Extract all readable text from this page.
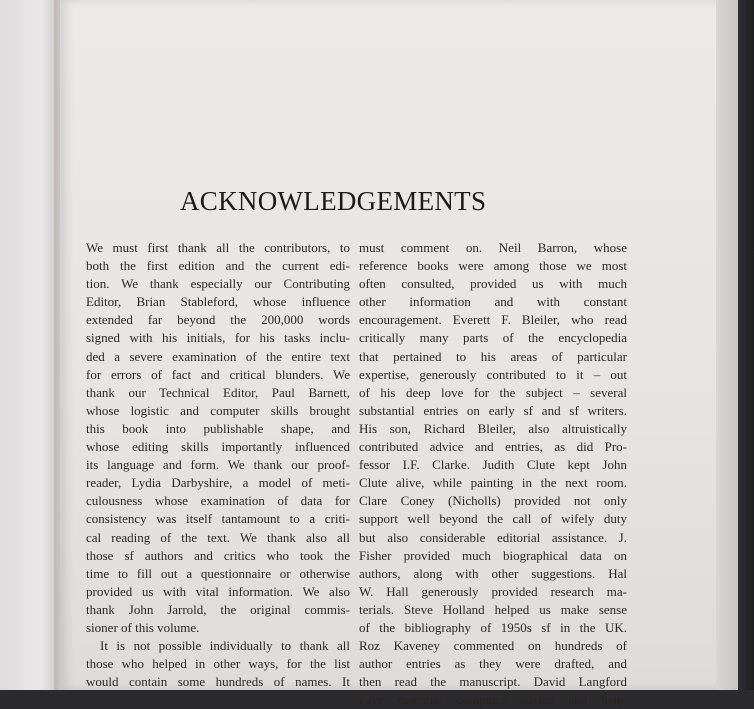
ACKNOWLEDGEMENTS
We must first thank all the contributors, to
both the first edition and the current edi-
tion. We thank especially our Contributing
Editor, Brian Stableford, whose influence
extended far beyond the 200,000 words
signed with his initials, for his tasks inclu-
ded a severe examination of the entire text
for errors of fact and critical blunders. We
thank our Technical Editor, Paul Barnett,
whose logistic and computer skills brought
this book into publishable shape, and
whose editing skills importantly influenced
its language and form. We thank our proof-
reader, Lydia Darbyshire, a model of meti-
culousness whose examination of data for
consistency was itself tantamount to a criti-
cal reading of the text. We thank also all
those sf authors and critics who took the
time to fill out a questionnaire or otherwise
provided us with vital information. We also
thank John Jarrold, the original commis-
sioner of this volume.
It is not possible individually to thank all
those who helped in other ways, for the list
would contain some hundreds of names. It
must comment on. Neil Barron, whose
reference books were among those we most
often consulted, provided us with much
other information and with constant
encouragement. Everett F. Bleiler, who read
critically many parts of the encyclopedia
that pertained to his areas of particular
expertise, generously contributed to it – out
of his deep love for the subject – several
substantial entries on early sf and sf writers.
His son, Richard Bleiler, also altruistically
contributed advice and entries, as did Pro-
fessor I.F. Clarke. Judith Clute kept John
Clute alive, while painting in the next room.
Clare Coney (Nicholls) provided not only
support well beyond the call of wifely duty
but also considerable editorial assistance. J.
Fisher provided much biographical data on
authors, along with other suggestions. Hal
W. Hall generously provided research ma-
terials. Steve Holland helped us make sense
of the bibliography of 1950s sf in the UK.
Roz Kaveney commented on hundreds of
author entries as they were drafted, and
then read the manuscript. David Langford
gave essential computer advice and help,
